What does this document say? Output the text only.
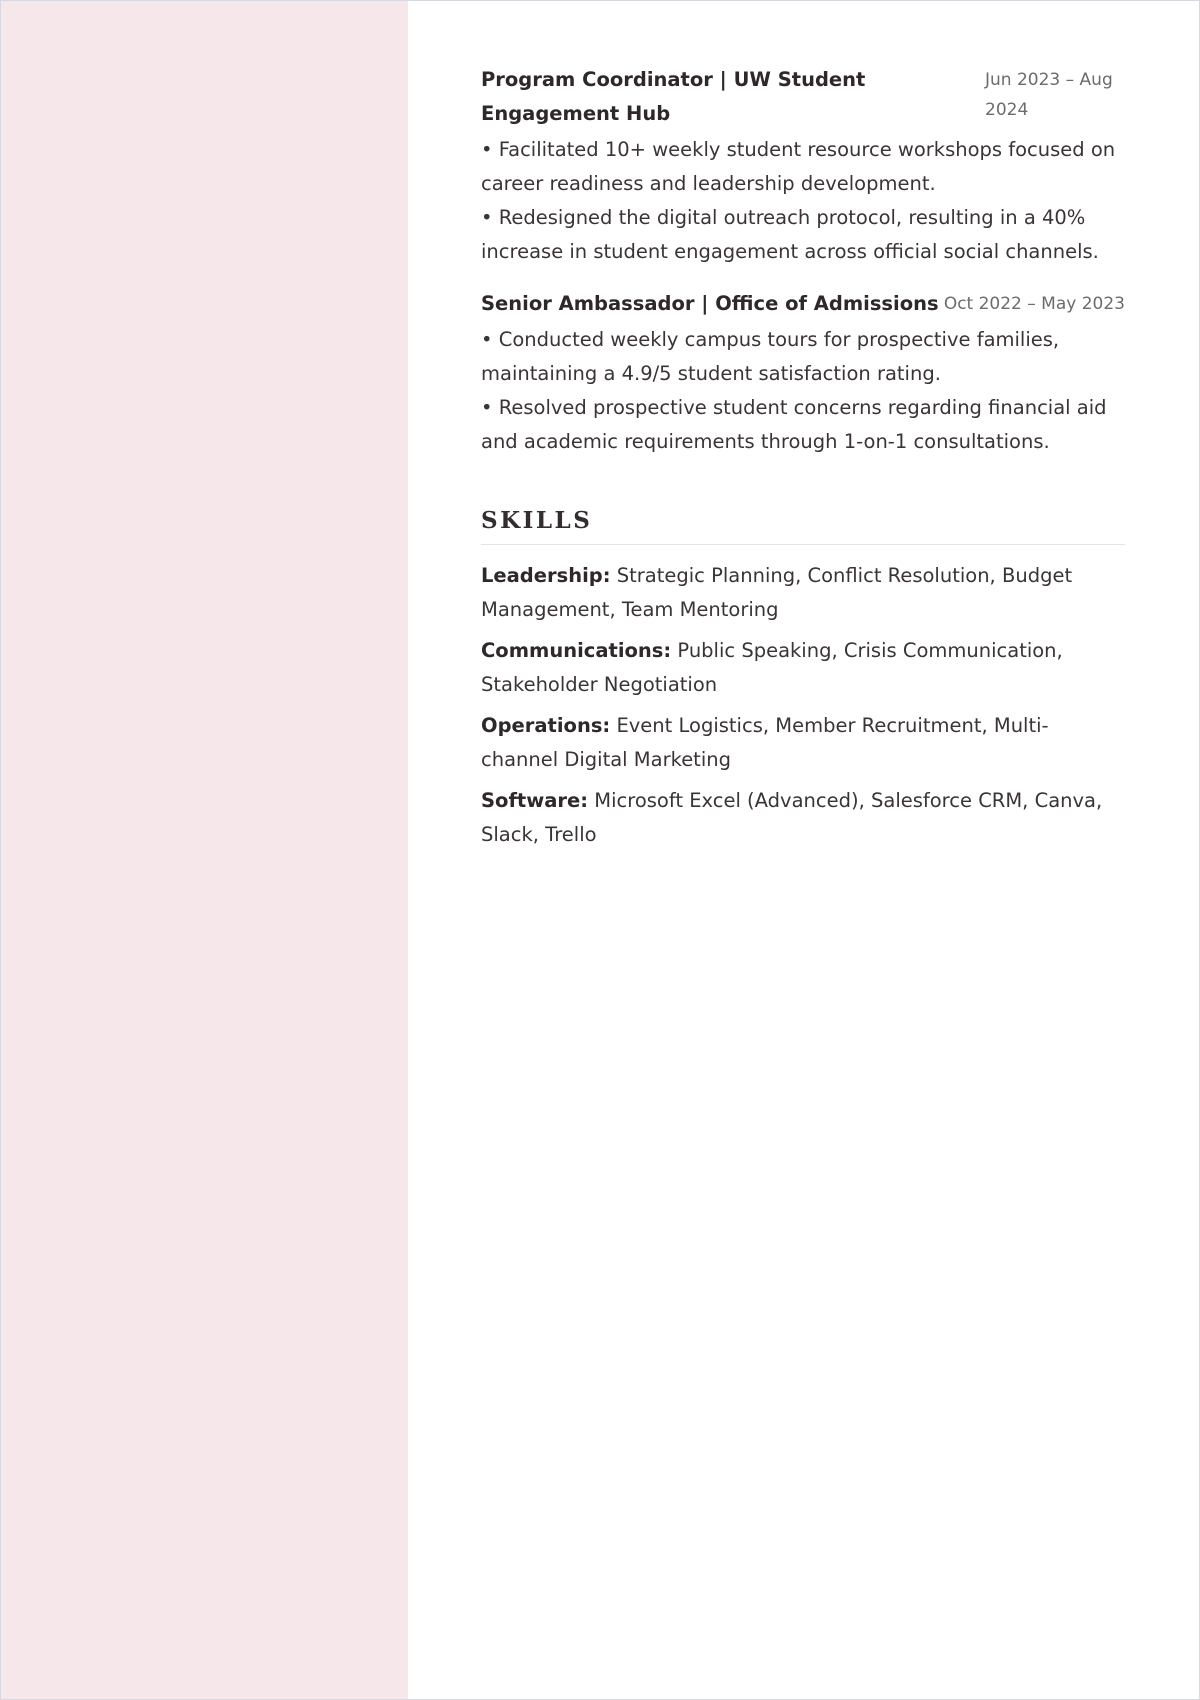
Program Coordinator | UW Student Engagement Hub
Jun 2023 – Aug 2024

• Facilitated 10+ weekly student resource workshops focused on career readiness and leadership development.

• Redesigned the digital outreach protocol, resulting in a 40% increase in student engagement across official social channels.

Senior Ambassador | Office of Admissions Oct 2022 – May 2023

• Conducted weekly campus tours for prospective families, maintaining a 4.9/5 student satisfaction rating.

• Resolved prospective student concerns regarding financial aid and academic requirements through 1-on-1 consultations.

SKILLS

Leadership: Strategic Planning, Conflict Resolution, Budget Management, Team Mentoring

Communications: Public Speaking, Crisis Communication, Stakeholder Negotiation

Operations: Event Logistics, Member Recruitment, Multi-channel Digital Marketing

Software: Microsoft Excel (Advanced), Salesforce CRM, Canva, Slack, Trello
